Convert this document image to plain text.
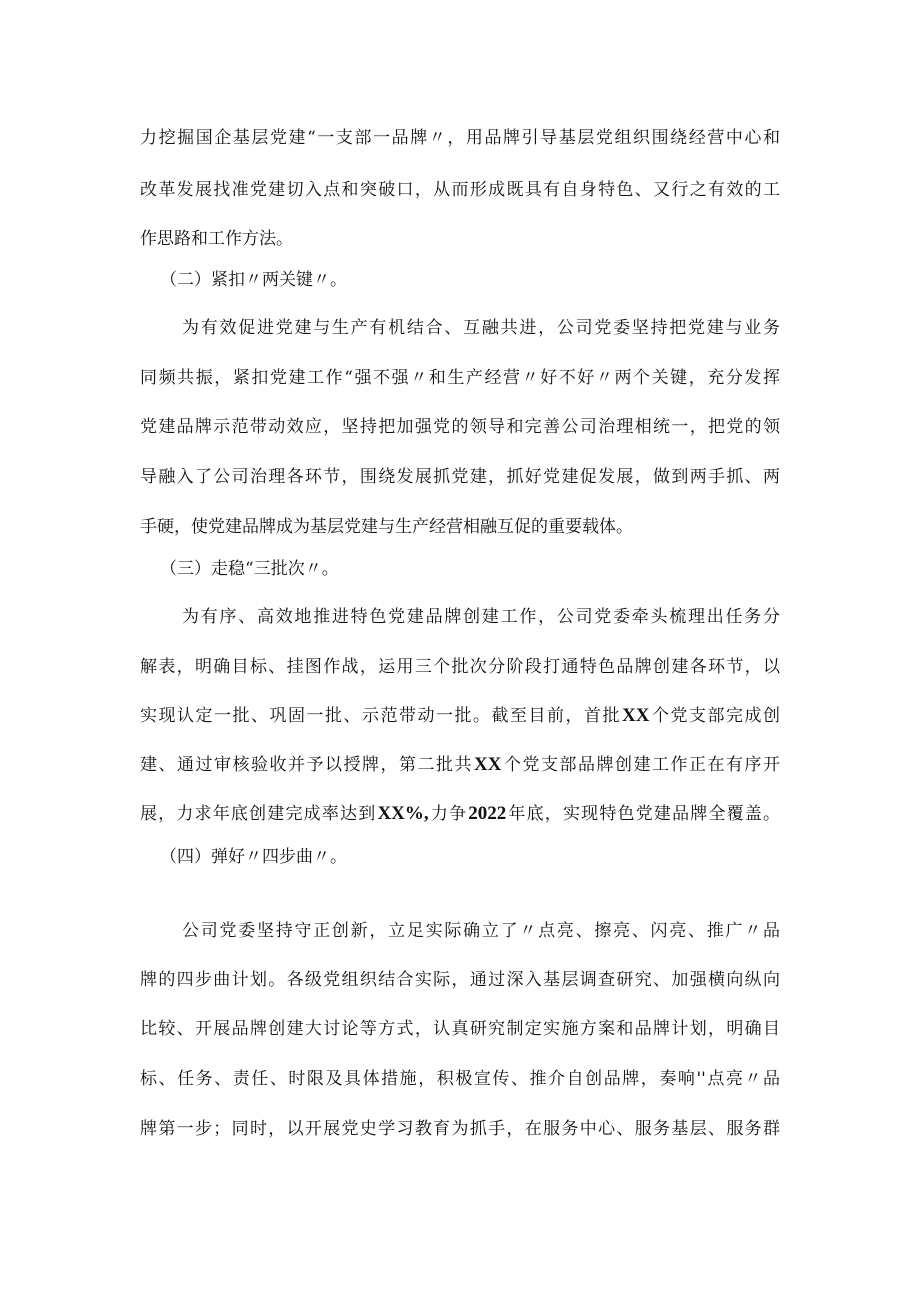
力挖掘国企基层党建“一支部一品牌〃，用品牌引导基层党组织围绕经营中心和
改革发展找准党建切入点和突破口，从而形成既具有自身特色、又行之有效的工
作思路和工作方法。
（二）紧扣〃两关键〃。
为有效促进党建与生产有机结合、互融共进，公司党委坚持把党建与业务
同频共振，紧扣党建工作“强不强〃和生产经营〃好不好〃两个关键，充分发挥
党建品牌示范带动效应，坚持把加强党的领导和完善公司治理相统一，把党的领
导融入了公司治理各环节，围绕发展抓党建，抓好党建促发展，做到两手抓、两
手硬，使党建品牌成为基层党建与生产经营相融互促的重要载体。
（三）走稳“三批次〃。
为有序、高效地推进特色党建品牌创建工作，公司党委牵头梳理出任务分
解表，明确目标、挂图作战，运用三个批次分阶段打通特色品牌创建各环节，以
实现认定一批、巩固一批、示范带动一批。截至目前，首批XX个党支部完成创
建、通过审核验收并予以授牌，第二批共XX个党支部品牌创建工作正在有序开
展，力求年底创建完成率达到XX%,力争2022年底，实现特色党建品牌全覆盖。
（四）弹好〃四步曲〃。
公司党委坚持守正创新，立足实际确立了〃点亮、擦亮、闪亮、推广〃品
牌的四步曲计划。各级党组织结合实际，通过深入基层调查研究、加强横向纵向
比较、开展品牌创建大讨论等方式，认真研究制定实施方案和品牌计划，明确目
标、任务、责任、时限及具体措施，积极宣传、推介自创品牌，奏响''点亮〃品
牌第一步；同时，以开展党史学习教育为抓手，在服务中心、服务基层、服务群
